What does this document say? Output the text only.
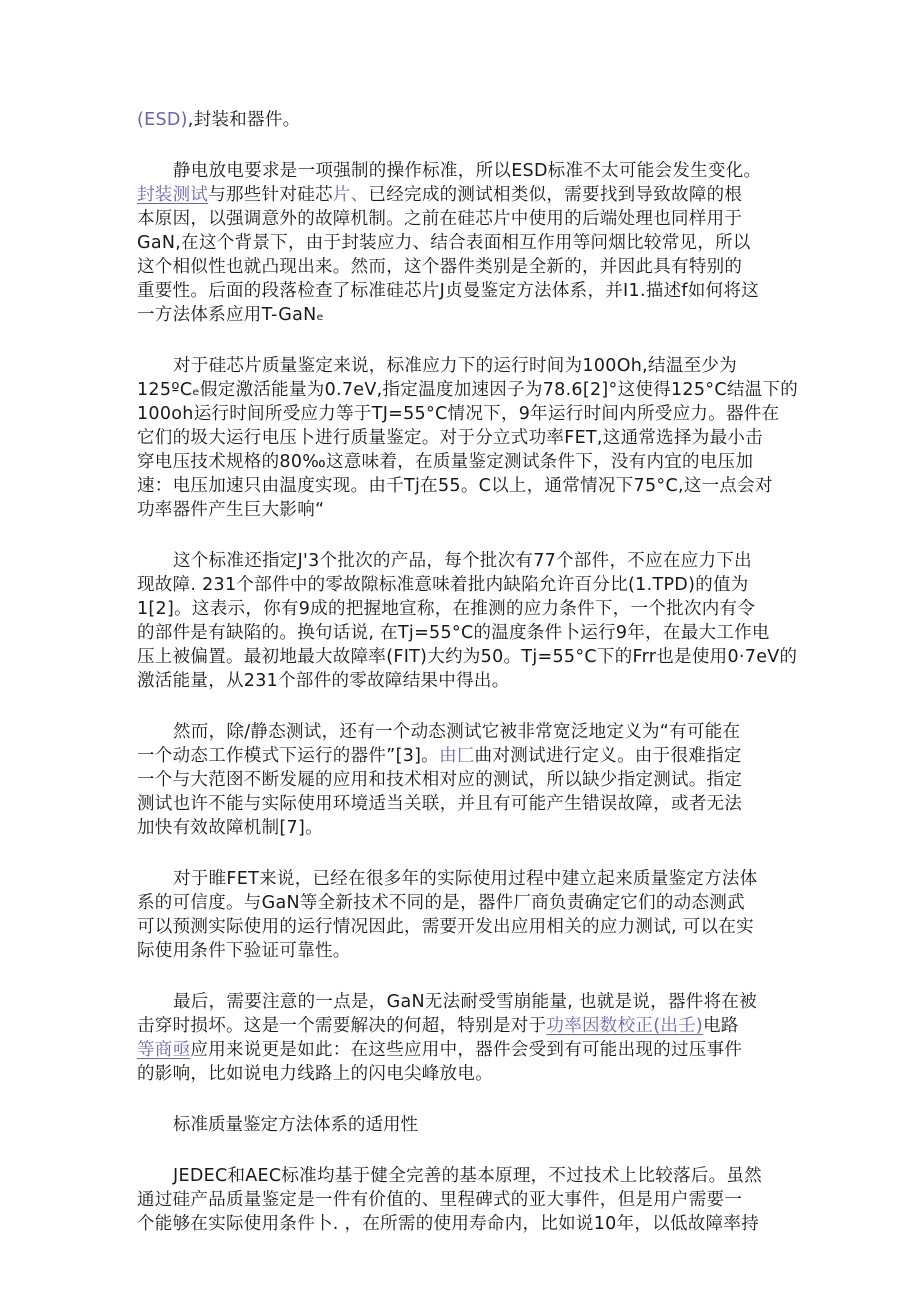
(ESD),封装和器件。

静电放电要求是一项强制的操作标准，所以ESD标准不太可能会发生变化。
封装测试与那些针对硅芯片、已经完成的测试相类似，需要找到导致故障的根
本原因，以强调意外的故障机制。之前在硅芯片中使用的后端处理也同样用于
GaN,在这个背景下，由于封装应力、结合表面相互作用等问烟比较常见，所以
这个相似性也就凸现出来。然而，这个器件类别是全新的，并因此具有特别的
重要性。后面的段落检查了标准硅芯片J贞曼鉴定方法体系，并I1.描述f如何将这
一方法体系应用T-GaNₑ

对于硅芯片质量鉴定来说，标准应力下的运行时间为100Oh,结温至少为
125ºCₑ假定激活能量为0.7eV,指定温度加速因子为78.6[2]°这使得125°C结温下的
100oh运行时间所受应力等于TJ=55°C情况下，9年运行时间内所受应力。器件在
它们的圾大运行电压卜进行质量鉴定。对于分立式功率FET,这通常选择为最小击
穿电压技术规格的80‰这意味着，在质量鉴定测试条件下，没有内宜的电压加
速：电压加速只由温度实现。由千Tj在55。C以上，通常情况下75°C,这一点会对
功率器件产生巨大影响“

这个标准还指定J'3个批次的产品，每个批次有77个部件，不应在应力下出
现故障. 231个部件中的零故隙标准意味着批内缺陷允许百分比(1.TPD)的值为
1[2]。这表示，你有9成的把握地宣称，在推测的应力条件下，一个批次内有令
的部件是有缺陷的。换句话说, 在Tj=55°C的温度条件卜运行9年，在最大工作电
压上被偏置。最初地最大故障率(FIT)大约为50。Tj=55°C下的Frr也是使用0·7eV的
激活能量，从231个部件的零故障结果中得出。

然而，除/静态测试，还有一个动态测试它被非常宽泛地定义为“有可能在
一个动态工作模式下运行的器件”[3]。由匚曲对测试进行定义。由于很难指定
一个与大范囹不断发屣的应用和技术相对应的测试，所以缺少指定测试。指定
测试也许不能与实际使用环境适当关联，并且有可能产生错误故障，或者无法
加快有效故障机制[7]。

对于睢FET来说，已经在很多年的实际使用过程中建立起来质量鉴定方法体
系的可信度。与GaN等全新技术不同的是，器件厂商负责确定它们的动态测武
可以预测实际使用的运行情况因此，需要开发出应用相关的应力测试, 可以在实
际使用条件下验证可靠性。

最后，需要注意的一点是，GaN无法耐受雪崩能量, 也就是说，器件将在被
击穿时损坏。这是一个需要解决的何超，特别是对于功率因数校正(出壬)电路
等商亟应用来说更是如此：在这些应用中，器件会受到有可能出现的过压事件
的影响，比如说电力线路上的闪电尖峰放电。

标准质量鉴定方法体系的适用性

JEDEC和AEC标准均基于健全完善的基本原理，不过技术上比较落后。虽然
通过硅产品质量鉴定是一件有价值的、里程碑式的亚大事件，但是用户需要一
个能够在实际使用条件卜. ，在所需的使用寿命内，比如说10年，以低故障率持
